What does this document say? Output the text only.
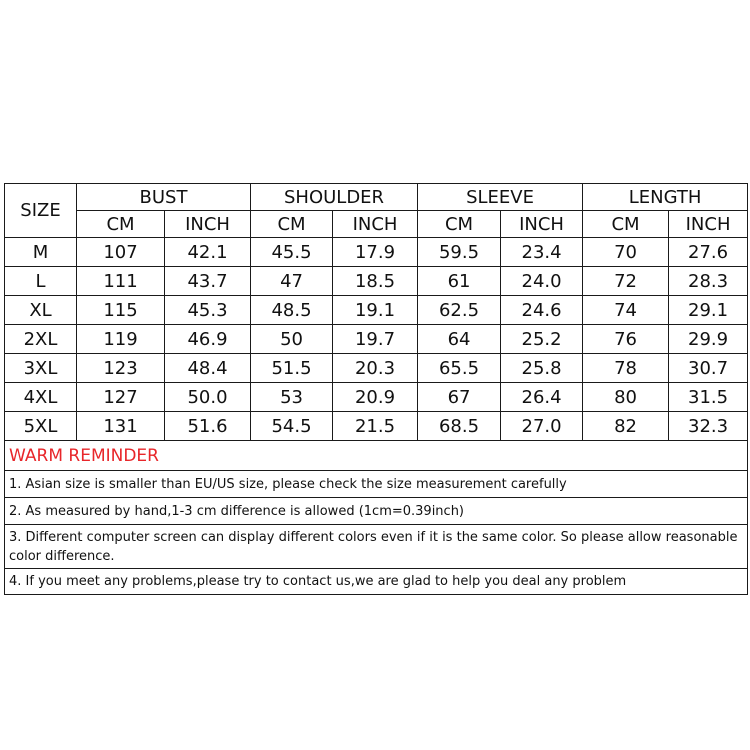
SIZE	BUST		SHOULDER		SLEEVE		LENGTH	
	CM	INCH	CM	INCH	CM	INCH	CM	INCH
M	107	42.1	45.5	17.9	59.5	23.4	70	27.6
L	111	43.7	47	18.5	61	24.0	72	28.3
XL	115	45.3	48.5	19.1	62.5	24.6	74	29.1
2XL	119	46.9	50	19.7	64	25.2	76	29.9
3XL	123	48.4	51.5	20.3	65.5	25.8	78	30.7
4XL	127	50.0	53	20.9	67	26.4	80	31.5
5XL	131	51.6	54.5	21.5	68.5	27.0	82	32.3
WARM REMINDER								
1. Asian size is smaller than EU/US size, please check the size measurement carefully								
2. As measured by hand,1-3 cm difference is allowed (1cm=0.39inch)								
3. Different computer screen can display different colors even if it is the same color. So please allow reasonable color difference.								
4. If you meet any problems,please try to contact us,we are glad to help you deal any problem								
